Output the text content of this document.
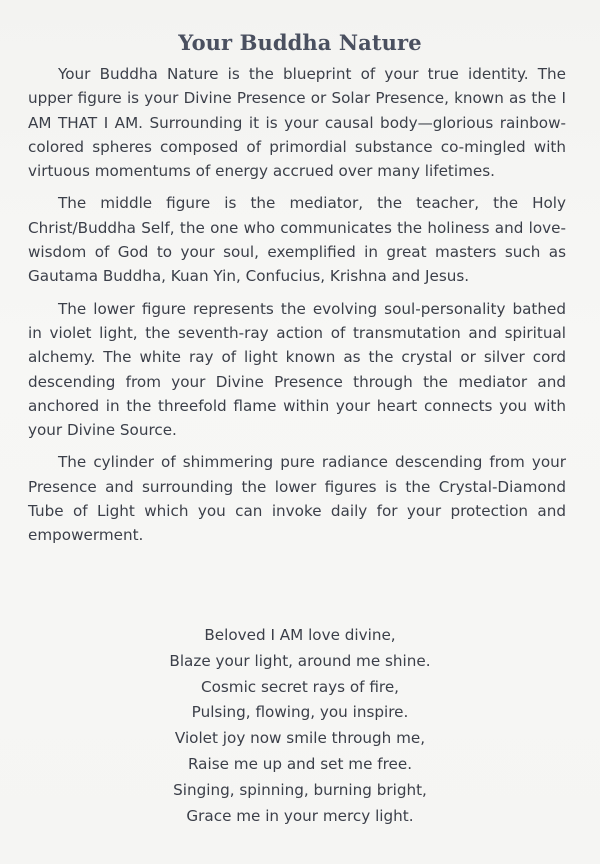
Your Buddha Nature

Your Buddha Nature is the blueprint of your true identity. The upper figure is your Divine Presence or Solar Presence, known as the I AM THAT I AM. Surrounding it is your causal body—glorious rainbow-colored spheres composed of primordial substance co-mingled with virtuous momentums of energy accrued over many lifetimes.

The middle figure is the mediator, the teacher, the Holy Christ/Buddha Self, the one who communicates the holiness and love-wisdom of God to your soul, exemplified in great masters such as Gautama Buddha, Kuan Yin, Confucius, Krishna and Jesus.

The lower figure represents the evolving soul-personality bathed in violet light, the seventh-ray action of transmutation and spiritual alchemy. The white ray of light known as the crystal or silver cord descending from your Divine Presence through the mediator and anchored in the threefold flame within your heart connects you with your Divine Source.

The cylinder of shimmering pure radiance descending from your Presence and surrounding the lower figures is the Crystal-Diamond Tube of Light which you can invoke daily for your protection and empowerment.

Beloved I AM love divine,
Blaze your light, around me shine.
Cosmic secret rays of fire,
Pulsing, flowing, you inspire.
Violet joy now smile through me,
Raise me up and set me free.
Singing, spinning, burning bright,
Grace me in your mercy light.
